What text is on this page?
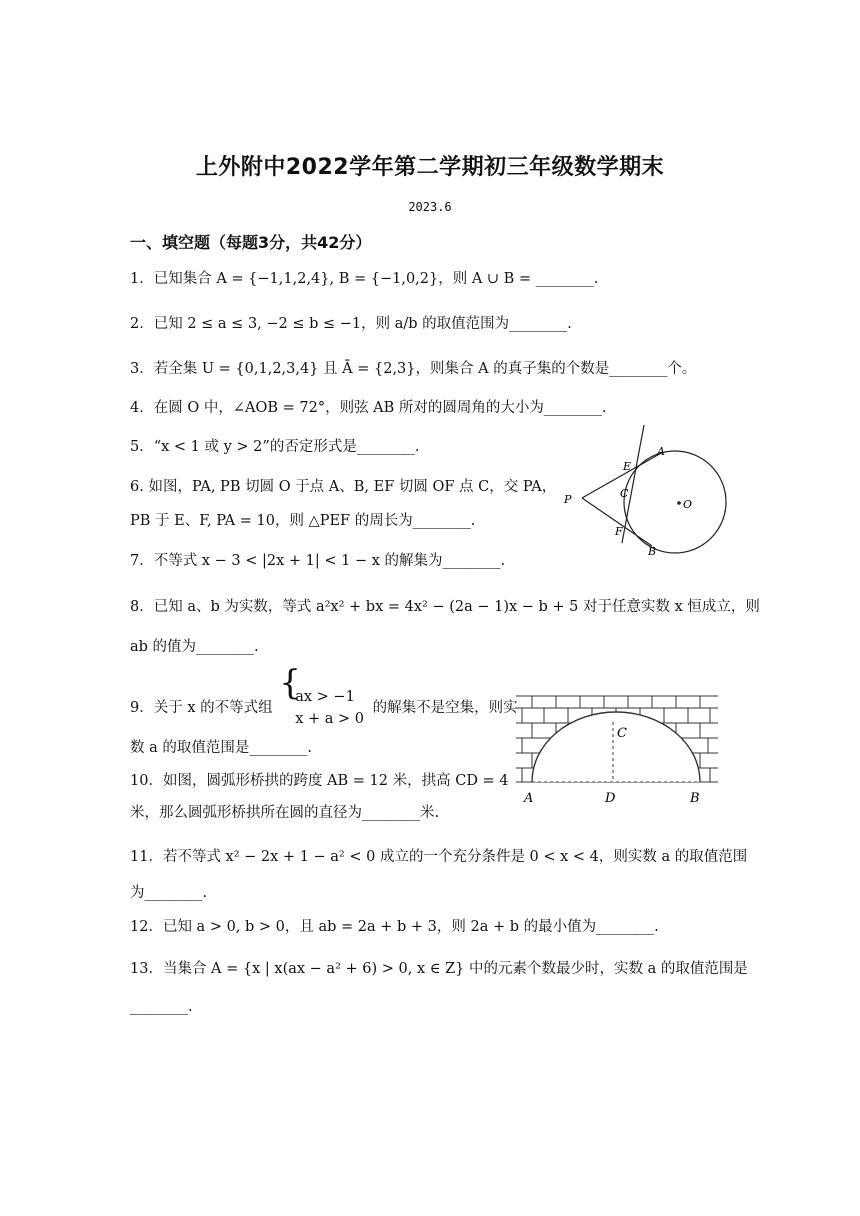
上外附中2022学年第二学期初三年级数学期末
2023.6
一、填空题（每题3分，共42分）
1．已知集合 A = {−1,1,2,4}, B = {−1,0,2}，则 A ∪ B = ________.
2．已知 2 ≤ a ≤ 3, −2 ≤ b ≤ −1，则 a/b 的取值范围为________.
3．若全集 U = {0,1,2,3,4} 且 Ā = {2,3}，则集合 A 的真子集的个数是________个。
4．在圆 O 中，∠AOB = 72°，则弦 AB 所对的圆周角的大小为________.
5．“x < 1 或 y > 2”的否定形式是________.
6. 如图，PA, PB 切圆 O 于点 A、B, EF 切圆 OF 点 C，交 PA，
PB 于 E、F, PA = 10，则 △PEF 的周长为________.
7．不等式 x − 3 < |2x + 1| < 1 − x 的解集为________.
8．已知 a、b 为实数，等式 a²x² + bx = 4x² − (2a − 1)x − b + 5 对于任意实数 x 恒成立，则
ab 的值为________.
9．关于 x 的不等式组
{
ax > −1
x + a > 0
的解集不是空集，则实
数 a 的取值范围是________.
10．如图，圆弧形桥拱的跨度 AB = 12 米，拱高 CD = 4
米，那么圆弧形桥拱所在圆的直径为________米.
11．若不等式 x² − 2x + 1 − a² < 0 成立的一个充分条件是 0 < x < 4，则实数 a 的取值范围
为________.
12．已知 a > 0, b > 0，且 ab = 2a + b + 3，则 2a + b 的最小值为________.
13．当集合 A = {x | x(ax − a² + 6) > 0, x ∈ Z} 中的元素个数最少时，实数 a 的取值范围是
________.
E
A
C
P	O
F
B
C
A	D	B
